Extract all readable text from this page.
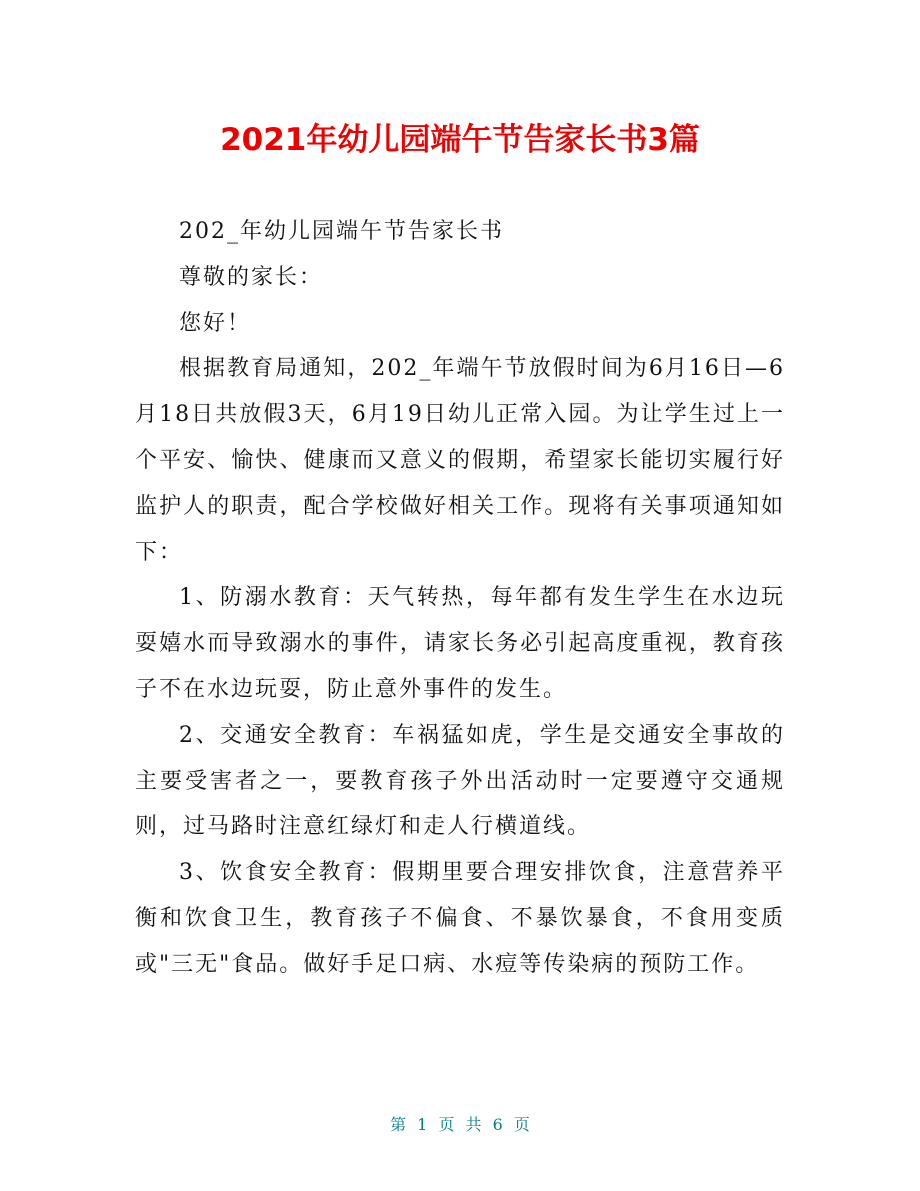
2021年幼儿园端午节告家长书3篇

202_年幼儿园端午节告家长书

尊敬的家长：

您好！

根据教育局通知，202_年端午节放假时间为6月16日—6月18日共放假3天，6月19日幼儿正常入园。为让学生过上一个平安、愉快、健康而又意义的假期，希望家长能切实履行好监护人的职责，配合学校做好相关工作。现将有关事项通知如下：

1、防溺水教育：天气转热，每年都有发生学生在水边玩耍嬉水而导致溺水的事件，请家长务必引起高度重视，教育孩子不在水边玩耍，防止意外事件的发生。

2、交通安全教育：车祸猛如虎，学生是交通安全事故的主要受害者之一，要教育孩子外出活动时一定要遵守交通规则，过马路时注意红绿灯和走人行横道线。

3、饮食安全教育：假期里要合理安排饮食，注意营养平衡和饮食卫生，教育孩子不偏食、不暴饮暴食，不食用变质或"三无"食品。做好手足口病、水痘等传染病的预防工作。

第 1 页 共 6 页
